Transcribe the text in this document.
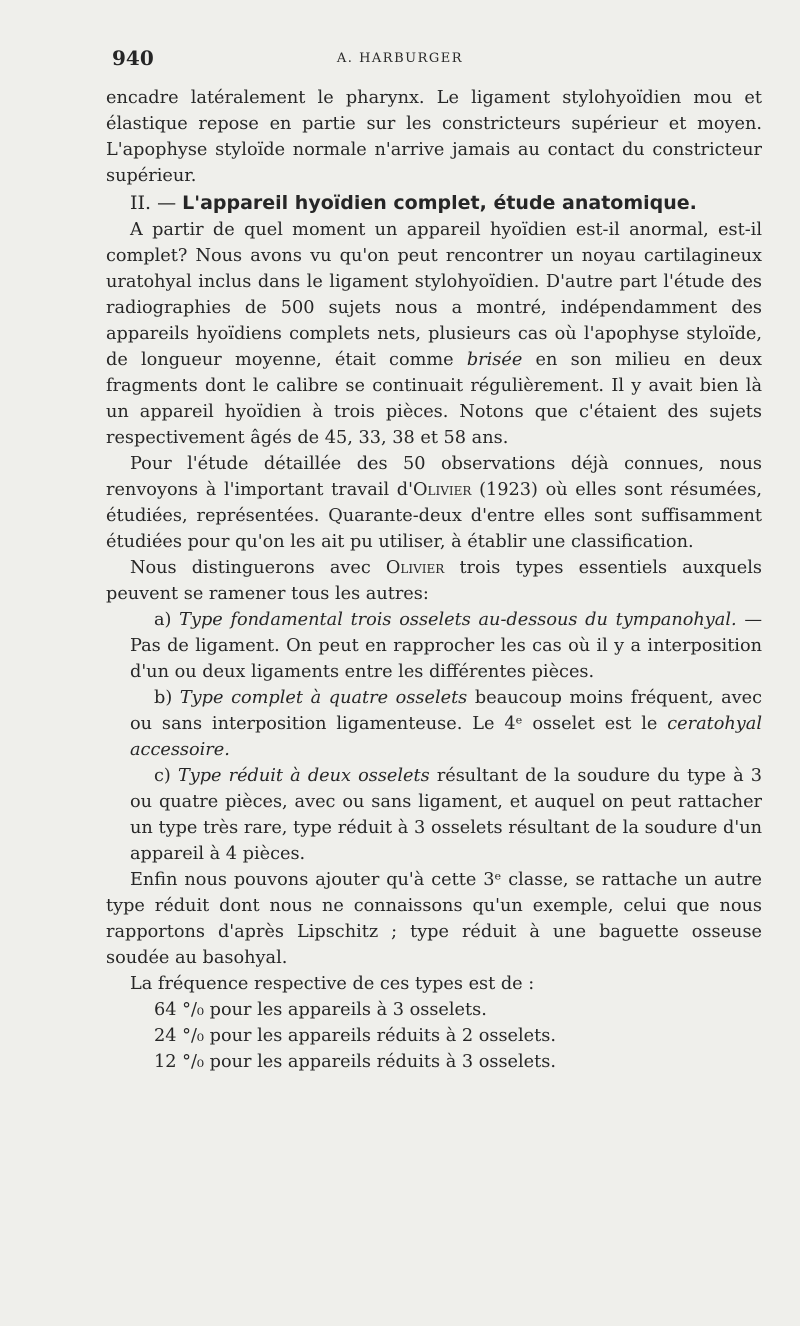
940	A. HARBURGER

encadre latéralement le pharynx. Le ligament stylohyoïdien mou et élastique repose en partie sur les constricteurs supérieur et moyen. L'apophyse styloïde normale n'arrive jamais au contact du constricteur supérieur.

II. — L'appareil hyoïdien complet, étude anatomique.

A partir de quel moment un appareil hyoïdien est-il anormal, est-il complet? Nous avons vu qu'on peut rencontrer un noyau cartilagineux uratohyal inclus dans le ligament stylohyoïdien. D'autre part l'étude des radiographies de 500 sujets nous a montré, indépendamment des appareils hyoïdiens complets nets, plusieurs cas où l'apophyse styloïde, de longueur moyenne, était comme brisée en son milieu en deux fragments dont le calibre se continuait régulièrement. Il y avait bien là un appareil hyoïdien à trois pièces. Notons que c'étaient des sujets respectivement âgés de 45, 33, 38 et 58 ans.

Pour l'étude détaillée des 50 observations déjà connues, nous renvoyons à l'important travail d'Olivier (1923) où elles sont résumées, étudiées, représentées. Quarante-deux d'entre elles sont suffisamment étudiées pour qu'on les ait pu utiliser, à établir une classification.

Nous distinguerons avec Olivier trois types essentiels auxquels peuvent se ramener tous les autres:

a) Type fondamental trois osselets au-dessous du tympanohyal. — Pas de ligament. On peut en rapprocher les cas où il y a interposition d'un ou deux ligaments entre les différentes pièces.

b) Type complet à quatre osselets beaucoup moins fréquent, avec ou sans interposition ligamenteuse. Le 4ᵉ osselet est le ceratohyal accessoire.

c) Type réduit à deux osselets résultant de la soudure du type à 3 ou quatre pièces, avec ou sans ligament, et auquel on peut rattacher un type très rare, type réduit à 3 osselets résultant de la soudure d'un appareil à 4 pièces.

Enfin nous pouvons ajouter qu'à cette 3ᵉ classe, se rattache un autre type réduit dont nous ne connaissons qu'un exemple, celui que nous rapportons d'après Lipschitz ; type réduit à une baguette osseuse soudée au basohyal.

La fréquence respective de ces types est de :

64 °/₀ pour les appareils à 3 osselets.

24 °/₀ pour les appareils réduits à 2 osselets.

12 °/₀ pour les appareils réduits à 3 osselets.
